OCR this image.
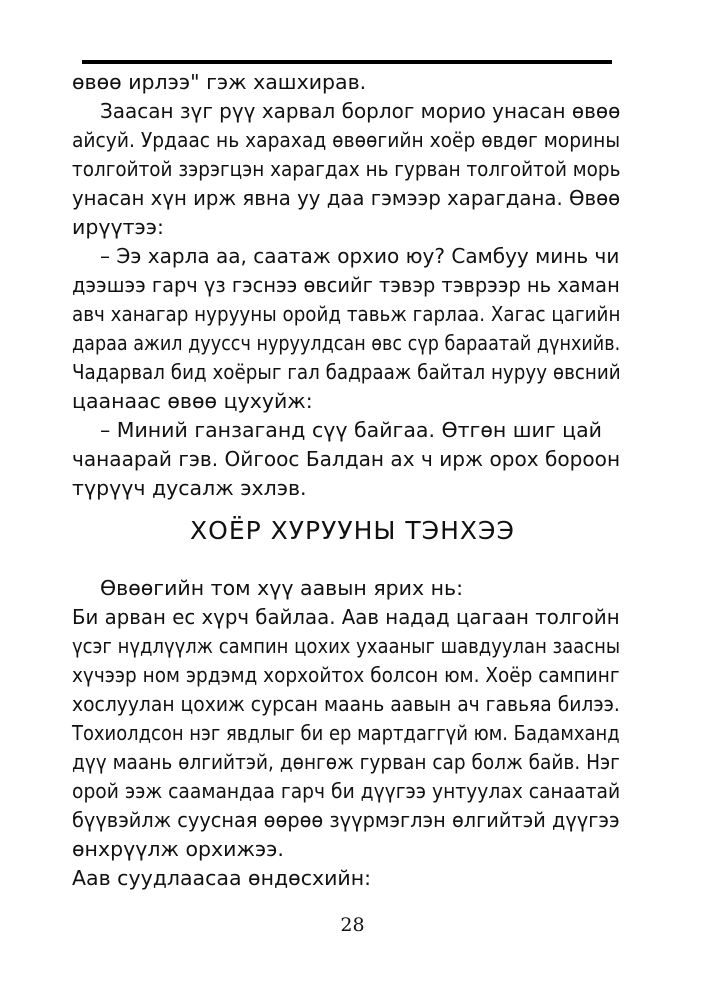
өвөө ирлээ" гэж хашхирав.
Заасан зүг рүү харвал борлог морио унасан өвөө
айсуй. Урдаас нь харахад өвөөгийн хоёр өвдөг морины
толгойтой зэрэгцэн харагдах нь гурван толгойтой морь
унасан хүн ирж явна уу даа гэмээр харагдана. Өвөө
ирүүтээ:
– Ээ харла аа, саатаж орхио юу? Самбуу минь чи
дээшээ гарч үз гэснээ өвсийг тэвэр тэврээр нь хаман
авч ханагар нурууны оройд тавьж гарлаа. Хагас цагийн
дараа ажил дууссч нуруулдсан өвс сүр бараатай дүнхийв.
Чадарвал бид хоёрыг гал бадрааж байтал нуруу өвсний
цаанаас өвөө цухуйж:
– Миний ганзаганд сүү байгаа. Өтгөн шиг цай
чанаарай гэв. Ойгоос Балдан ах ч ирж орох бороон
түрүүч дусалж эхлэв.
ХОЁР ХУРУУНЫ ТЭНХЭЭ
Өвөөгийн том хүү аавын ярих нь:
Би арван ес хүрч байлаа. Аав надад цагаан толгойн
үсэг нүдлүүлж сампин цохих ухааныг шавдуулан заасны
хүчээр ном эрдэмд хорхойтох болсон юм. Хоёр сампинг
хослуулан цохиж сурсан маань аавын ач гавьяа билээ.
Тохиолдсон нэг явдлыг би ер мартдаггүй юм. Бадамханд
дүү маань өлгийтэй, дөнгөж гурван сар болж байв. Нэг
орой ээж саамандаа гарч би дүүгээ унтуулах санаатай
бүүвэйлж суусная өөрөө зүүрмэглэн өлгийтэй дүүгээ
өнхрүүлж орхижээ.
Аав суудлаасаа өндөсхийн:
28
